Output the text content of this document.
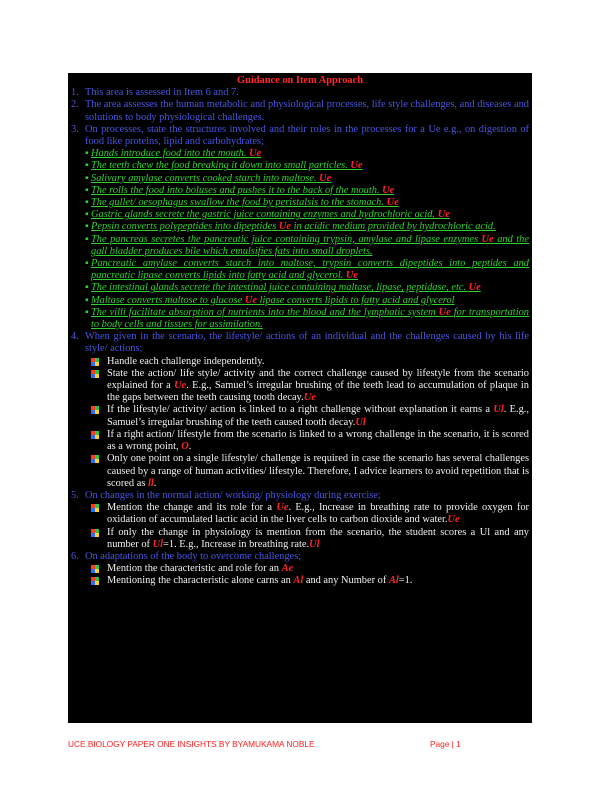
Guidance on Item Approach
1. This area is assessed in Item 6 and 7.
2. The area assesses the human metabolic and physiological processes, life style challenges, and diseases and solutions to body physiological challenges.
3. On processes, state the structures involved and their roles in the processes for a Ue e.g., on digestion of food like proteins, lipid and carbohydrates;
▪ Hands introduce food into the mouth. Ue
▪ The teeth chew the food breaking it down into small particles. Ue
▪ Salivary amylase converts cooked starch into maltose. Ue
▪ The rolls the food into boluses and pushes it to the back of the mouth. Ue
▪ The gullet/ oesophagus swallow the food by peristalsis to the stomach. Ue
▪ Gastric glands secrete the gastric juice containing enzymes and hydrochloric acid. Ue
▪ Pepsin converts polypeptides into dipeptides Ue in acidic medium provided by hydrochloric acid.
▪ The pancreas secretes the pancreatic juice containing trypsin, amylase and lipase enzymes Ue and the gall bladder produces bile which emulsifies fats into small droplets.
▪ Pancreatic amylase converts starch into maltose, trypsin converts dipeptides into peptides and pancreatic lipase converts lipids into fatty acid and glycerol. Ue
▪ The intestinal glands secrete the intestinal juice containing maltase, lipase, peptidase, etc. Ue
▪ Maltase converts maltose to glucose Ue lipase converts lipids to fatty acid and glycerol
▪ The villi facilitate absorption of nutrients into the blood and the lymphatic system Ue for transportation to body cells and tissues for assimilation.
4. When given in the scenario, the lifestyle/ actions of an individual and the challenges caused by his life style/ actions;
Handle each challenge independently.
State the action/ life style/ activity and the correct challenge caused by lifestyle from the scenario explained for a Ue. E.g., Samuel’s irregular brushing of the teeth lead to accumulation of plaque in the gaps between the teeth causing tooth decay.Ue
If the lifestyle/ activity/ action is linked to a right challenge without explanation it earns a Ul. E.g., Samuel’s irregular brushing of the teeth caused tooth decay.Ul
If a right action/ lifestyle from the scenario is linked to a wrong challenge in the scenario, it is scored as a wrong point, O.
Only one point on a single lifestyle/ challenge is required in case the scenario has several challenges caused by a range of human activities/ lifestyle. Therefore, I advice learners to avoid repetition that is scored as ll.
5. On changes in the normal action/ working/ physiology during exercise;
Mention the change and its role for a Ue. E.g., Increase in breathing rate to provide oxygen for oxidation of accumulated lactic acid in the liver cells to carbon dioxide and water.Ue
If only the change in physiology is mention from the scenario, the student scores a Ul and any number of Ul=1. E.g., Increase in breathing rate.Ul
6. On adaptations of the body to overcome challenges;
Mention the characteristic and role for an Ae
Mentioning the characteristic alone carns an Al and any Number of Al=1.
UCE BIOLOGY PAPER ONE INSIGHTS BY BYAMUKAMA NOBLE	Page | 1
